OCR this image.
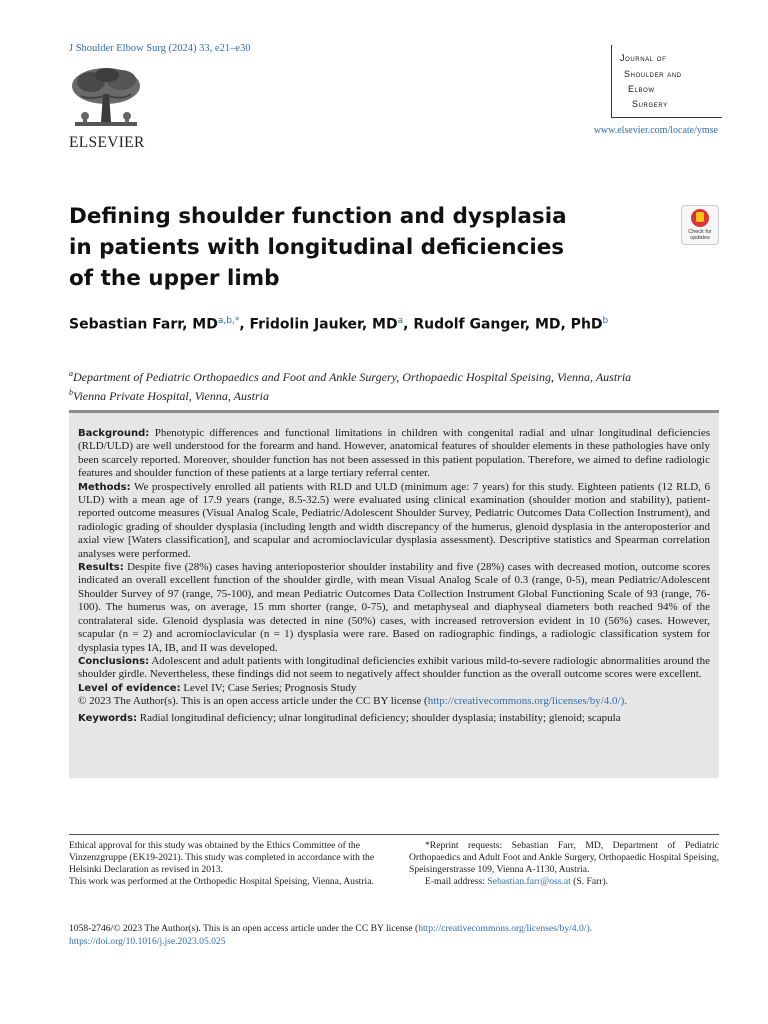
J Shoulder Elbow Surg (2024) 33, e21–e30
ELSEVIER
Journal of
Shoulder and
Elbow
Surgery
www.elsevier.com/locate/ymse
Defining shoulder function and dysplasia in patients with longitudinal deficiencies of the upper limb
Check for updates
Sebastian Farr, $MD^{a,b,*}$, Fridolin Jauker, $MD^a$, Rudolf Ganger, MD, PhD$^b$
$^a$Department of Pediatric Orthopaedics and Foot and Ankle Surgery, Orthopaedic Hospital Speising, Vienna, Austria
$^b$Vienna Private Hospital, Vienna, Austria

Background: Phenotypic differences and functional limitations in children with congenital radial and ulnar longitudinal deficiencies (RLD/ULD) are well understood for the forearm and hand. However, anatomical features of shoulder elements in these pathologies have only been scarcely reported. Moreover, shoulder function has not been assessed in this patient population. Therefore, we aimed to define radiologic features and shoulder function of these patients at a large tertiary referral center.

Methods: We prospectively enrolled all patients with RLD and ULD (minimum age: 7 years) for this study. Eighteen patients (12 RLD, 6 ULD) with a mean age of 17.9 years (range, 8.5-32.5) were evaluated using clinical examination (shoulder motion and stability), patient-reported outcome measures (Visual Analog Scale, Pediatric/Adolescent Shoulder Survey, Pediatric Outcomes Data Collection Instrument), and radiologic grading of shoulder dysplasia (including length and width discrepancy of the humerus, glenoid dysplasia in the anteroposterior and axial view [Waters classification], and scapular and acromioclavicular dysplasia assessment). Descriptive statistics and Spearman correlation analyses were performed.

Results: Despite five (28%) cases having anterioposterior shoulder instability and five (28%) cases with decreased motion, outcome scores indicated an overall excellent function of the shoulder girdle, with mean Visual Analog Scale of 0.3 (range, 0-5), mean Pediatric/Adolescent Shoulder Survey of 97 (range, 75-100), and mean Pediatric Outcomes Data Collection Instrument Global Functioning Scale of 93 (range, 76-100). The humerus was, on average, 15 mm shorter (range, 0-75), and metaphyseal and diaphyseal diameters both reached 94% of the contralateral side. Glenoid dysplasia was detected in nine (50%) cases, with increased retroversion evident in 10 (56%) cases. However, scapular (n = 2) and acromioclavicular (n = 1) dysplasia were rare. Based on radiographic findings, a radiologic classification system for dysplasia types IA, IB, and II was developed.

Conclusions: Adolescent and adult patients with longitudinal deficiencies exhibit various mild-to-severe radiologic abnormalities around the shoulder girdle. Nevertheless, these findings did not seem to negatively affect shoulder function as the overall outcome scores were excellent.

Level of evidence: Level IV; Case Series; Prognosis Study

© 2023 The Author(s). This is an open access article under the CC BY license (http://creativecommons.org/licenses/by/4.0/).

Keywords: Radial longitudinal deficiency; ulnar longitudinal deficiency; shoulder dysplasia; instability; glenoid; scapula

Ethical approval for this study was obtained by the Ethics Committee of the Vinzenzgruppe (EK19-2021). This study was completed in accordance with the Helsinki Declaration as revised in 2013.

This work was performed at the Orthopedic Hospital Speising, Vienna, Austria.

*Reprint requests: Sebastian Farr, MD, Department of Pediatric Orthopaedics and Adult Foot and Ankle Surgery, Orthopaedic Hospital Speising, Speisingerstrasse 109, Vienna A-1130, Austria.

E-mail address: Sebastian.farr@oss.at (S. Farr).

1058-2746/© 2023 The Author(s). This is an open access article under the CC BY license (http://creativecommons.org/licenses/by/4.0/).
https://doi.org/10.1016/j.jse.2023.05.025
